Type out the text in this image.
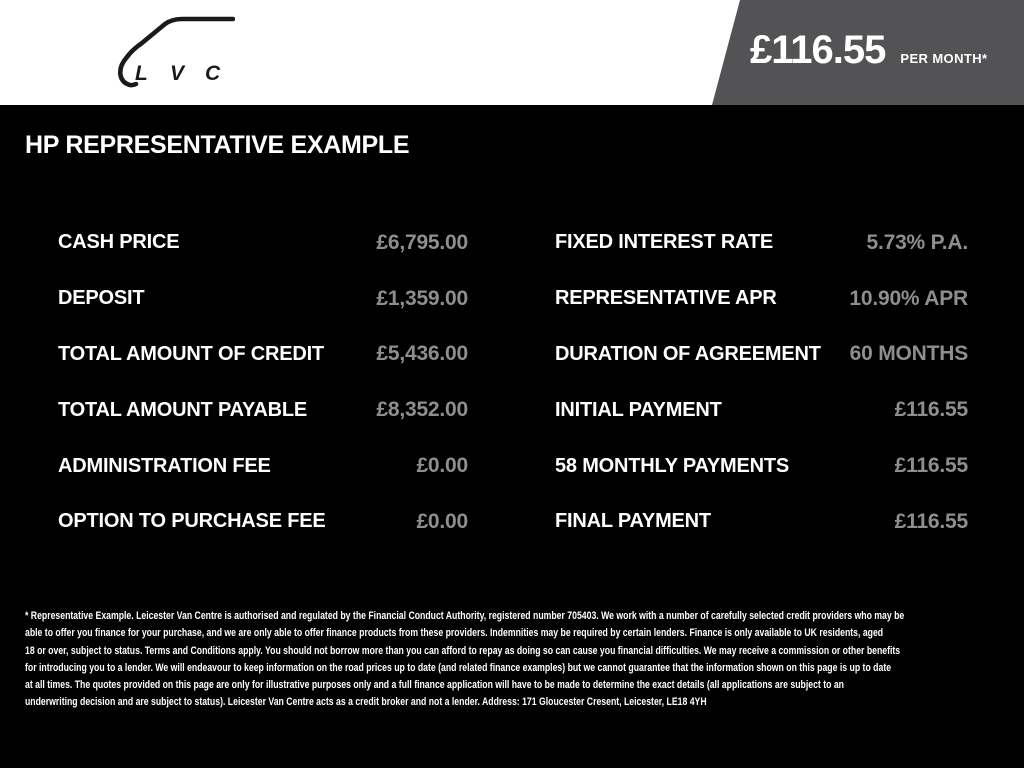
L V C
£116.55 PER MONTH*
HP REPRESENTATIVE EXAMPLE
CASH PRICE	£6,795.00
DEPOSIT	£1,359.00
TOTAL AMOUNT OF CREDIT £5,436.00
TOTAL AMOUNT PAYABLE	£8,352.00
ADMINISTRATION FEE	£0.00
OPTION TO PURCHASE FEE	£0.00
FIXED INTEREST RATE	5.73% P.A.
REPRESENTATIVE APR	10.90% APR
DURATION OF AGREEMENT 60 MONTHS
INITIAL PAYMENT	£116.55
58 MONTHLY PAYMENTS	£116.55
FINAL PAYMENT	£116.55
* Representative Example. Leicester Van Centre is authorised and regulated by the Financial Conduct Authority, registered number 705403. We work with a number of carefully selected credit providers who may be
able to offer you finance for your purchase, and we are only able to offer finance products from these providers. Indemnities may be required by certain lenders. Finance is only available to UK residents, aged
18 or over, subject to status. Terms and Conditions apply. You should not borrow more than you can afford to repay as doing so can cause you financial difficulties. We may receive a commission or other benefits
for introducing you to a lender. We will endeavour to keep information on the road prices up to date (and related finance examples) but we cannot guarantee that the information shown on this page is up to date
at all times. The quotes provided on this page are only for illustrative purposes only and a full finance application will have to be made to determine the exact details (all applications are subject to an
underwriting decision and are subject to status). Leicester Van Centre acts as a credit broker and not a lender. Address: 171 Gloucester Cresent, Leicester, LE18 4YH
